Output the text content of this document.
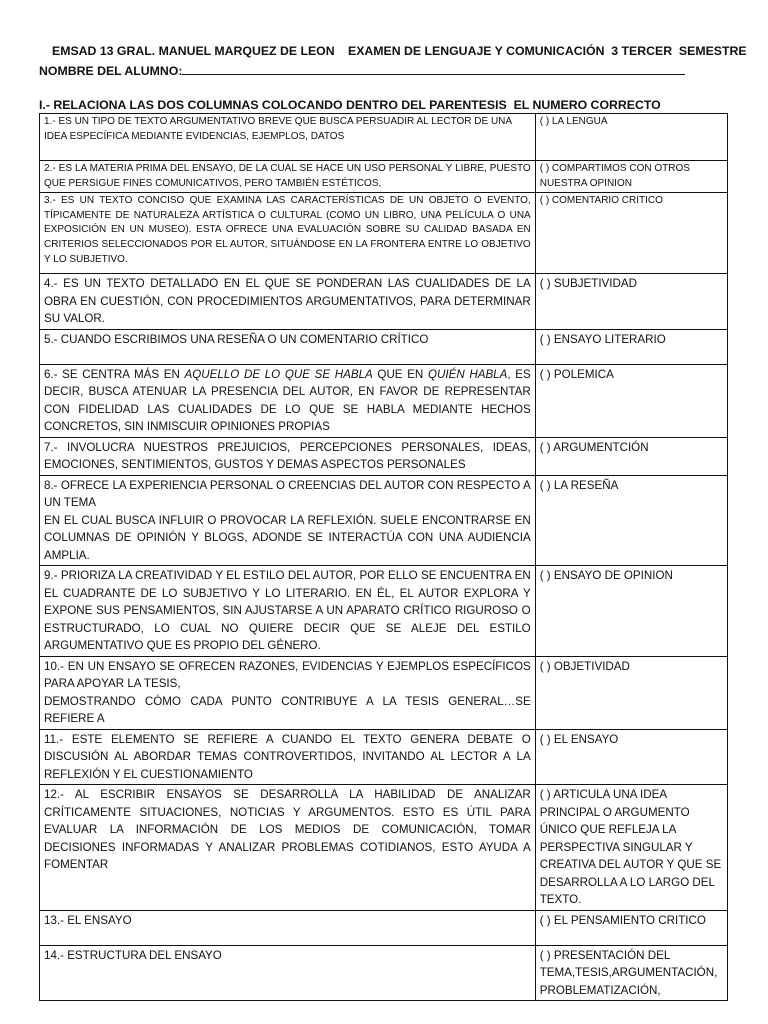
EMSAD 13 GRAL. MANUEL MARQUEZ DE LEON EXAMEN DE LENGUAJE Y COMUNICACIÓN  3 TERCER  SEMESTRE
NOMBRE DEL ALUMNO:
I.- RELACIONA LAS DOS COLUMNAS COLOCANDO DENTRO DEL PARENTESIS  EL NUMERO CORRECTO
1.- ES UN TIPO DE TEXTO ARGUMENTATIVO BREVE QUE BUSCA PERSUADIR AL LECTOR DE UNA
IDEA ESPECÍFICA MEDIANTE EVIDENCIAS, EJEMPLOS, DATOS	( ) LA LENGUA
2.- ES LA MATERIA PRIMA DEL ENSAYO, DE LA CUAL SE HACE UN USO PERSONAL Y LIBRE, PUESTO QUE PERSIGUE FINES COMUNICATIVOS, PERO TAMBIÉN ESTÉTICOS,	( ) COMPARTIMOS CON OTROS NUESTRA OPINION
3.- ES UN TEXTO CONCISO QUE EXAMINA LAS CARACTERÍSTICAS DE UN OBJETO O EVENTO, TÍPICAMENTE DE NATURALEZA ARTÍSTICA O CULTURAL (COMO UN LIBRO, UNA PELÍCULA O UNA EXPOSICIÓN EN UN MUSEO). ESTA OFRECE UNA EVALUACIÓN SOBRE SU CALIDAD BASADA EN CRITERIOS SELECCIONADOS POR EL AUTOR, SITUÁNDOSE EN LA FRONTERA ENTRE LO OBJETIVO Y LO SUBJETIVO.	( ) COMENTARIO CRITICO
4.- ES UN TEXTO DETALLADO EN EL QUE SE PONDERAN LAS CUALIDADES DE LA OBRA EN CUESTIÓN, CON PROCEDIMIENTOS ARGUMENTATIVOS, PARA DETERMINAR SU VALOR.	( ) SUBJETIVIDAD
5.- CUANDO ESCRIBIMOS UNA RESEÑA O UN COMENTARIO CRÍTICO	( ) ENSAYO LITERARIO
6.- SE CENTRA MÁS EN AQUELLO DE LO QUE SE HABLA QUE EN QUIÉN HABLA, ES DECIR, BUSCA ATENUAR LA PRESENCIA DEL AUTOR, EN FAVOR DE REPRESENTAR CON FIDELIDAD LAS CUALIDADES DE LO QUE SE HABLA MEDIANTE HECHOS CONCRETOS, SIN INMISCUIR OPINIONES PROPIAS	( ) POLEMICA
7.- INVOLUCRA NUESTROS PREJUICIOS, PERCEPCIONES PERSONALES, IDEAS, EMOCIONES, SENTIMIENTOS, GUSTOS Y DEMAS ASPECTOS PERSONALES	( ) ARGUMENTCIÓN

8.- OFRECE LA EXPERIENCIA PERSONAL O CREENCIAS DEL AUTOR CON RESPECTO A UN TEMA
EN EL CUAL BUSCA INFLUIR O PROVOCAR LA REFLEXIÓN. SUELE ENCONTRARSE EN COLUMNAS DE OPINIÓN Y BLOGS, ADONDE SE INTERACTÚA CON UNA AUDIENCIA AMPLIA.	( ) LA RESEÑA
9.- PRIORIZA LA CREATIVIDAD Y EL ESTILO DEL AUTOR, POR ELLO SE ENCUENTRA EN EL CUADRANTE DE LO SUBJETIVO Y LO LITERARIO. EN ÉL, EL AUTOR EXPLORA Y EXPONE SUS PENSAMIENTOS, SIN AJUSTARSE A UN APARATO CRÍTICO RIGUROSO O ESTRUCTURADO, LO CUAL NO QUIERE DECIR QUE SE ALEJE DEL ESTILO ARGUMENTATIVO QUE ES PROPIO DEL GÉNERO.	( ) ENSAYO DE OPINION

10.- EN UN ENSAYO SE OFRECEN RAZONES, EVIDENCIAS Y EJEMPLOS ESPECÍFICOS PARA APOYAR LA TESIS,
DEMOSTRANDO CÓMO CADA PUNTO CONTRIBUYE A LA TESIS GENERAL…SE REFIERE A	( ) OBJETIVIDAD
11.- ESTE ELEMENTO SE REFIERE A CUANDO EL TEXTO GENERA DEBATE O DISCUSIÓN AL ABORDAR TEMAS CONTROVERTIDOS, INVITANDO AL LECTOR A LA REFLEXIÓN Y EL CUESTIONAMIENTO	( ) EL ENSAYO
12.- AL ESCRIBIR ENSAYOS SE DESARROLLA LA HABILIDAD DE ANALIZAR CRÍTICAMENTE SITUACIONES, NOTICIAS Y ARGUMENTOS. ESTO ES ÚTIL PARA EVALUAR LA INFORMACIÓN DE LOS MEDIOS DE COMUNICACIÓN, TOMAR DECISIONES INFORMADAS Y ANALIZAR PROBLEMAS COTIDIANOS, ESTO AYUDA A FOMENTAR	( ) ARTICULA UNA IDEA PRINCIPAL O ARGUMENTO ÚNICO QUE REFLEJA LA PERSPECTIVA SINGULAR Y CREATIVA DEL AUTOR Y QUE SE DESARROLLA A LO LARGO DEL TEXTO.
13.- EL ENSAYO	( ) EL PENSAMIENTO CRITICO
14.- ESTRUCTURA DEL ENSAYO	( ) PRESENTACIÓN DEL TEMA,TESIS,ARGUMENTACIÓN, PROBLEMATIZACIÓN,
